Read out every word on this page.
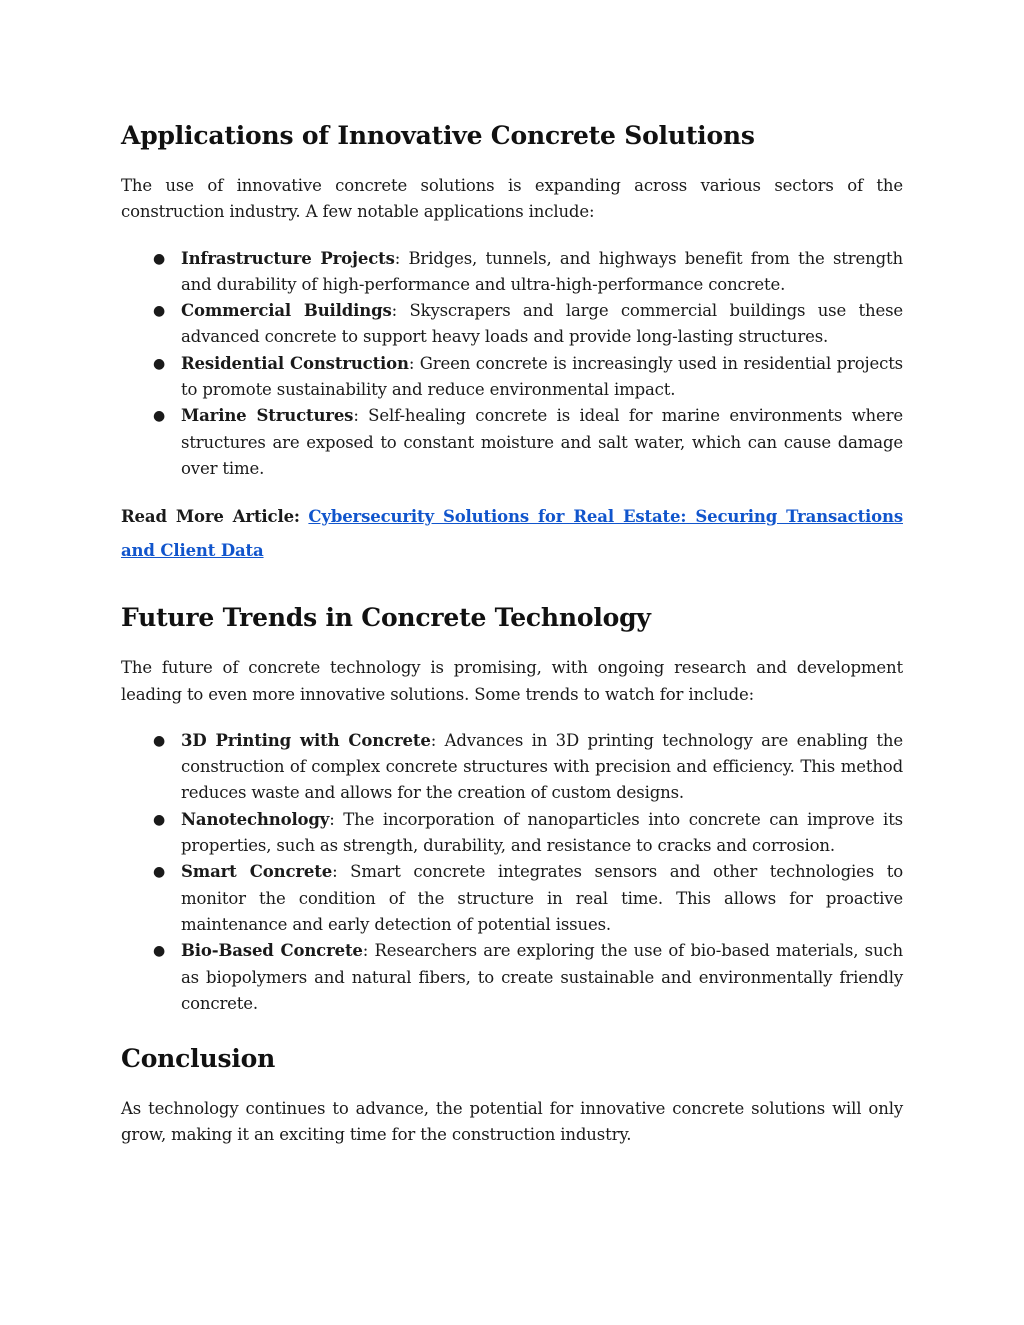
Applications of Innovative Concrete Solutions

The use of innovative concrete solutions is expanding across various sectors of the construction industry. A few notable applications include:

● Infrastructure Projects: Bridges, tunnels, and highways benefit from the strength and durability of high-performance and ultra-high-performance concrete.
● Commercial Buildings: Skyscrapers and large commercial buildings use these advanced concrete to support heavy loads and provide long-lasting structures.
● Residential Construction: Green concrete is increasingly used in residential projects to promote sustainability and reduce environmental impact.
● Marine Structures: Self-healing concrete is ideal for marine environments where structures are exposed to constant moisture and salt water, which can cause damage over time.

Read More Article: Cybersecurity Solutions for Real Estate: Securing Transactions and Client Data

Future Trends in Concrete Technology

The future of concrete technology is promising, with ongoing research and development leading to even more innovative solutions. Some trends to watch for include:

● 3D Printing with Concrete: Advances in 3D printing technology are enabling the construction of complex concrete structures with precision and efficiency. This method reduces waste and allows for the creation of custom designs.
● Nanotechnology: The incorporation of nanoparticles into concrete can improve its properties, such as strength, durability, and resistance to cracks and corrosion.
● Smart Concrete: Smart concrete integrates sensors and other technologies to monitor the condition of the structure in real time. This allows for proactive maintenance and early detection of potential issues.
● Bio-Based Concrete: Researchers are exploring the use of bio-based materials, such as biopolymers and natural fibers, to create sustainable and environmentally friendly concrete.
Conclusion

As technology continues to advance, the potential for innovative concrete solutions will only grow, making it an exciting time for the construction industry.
